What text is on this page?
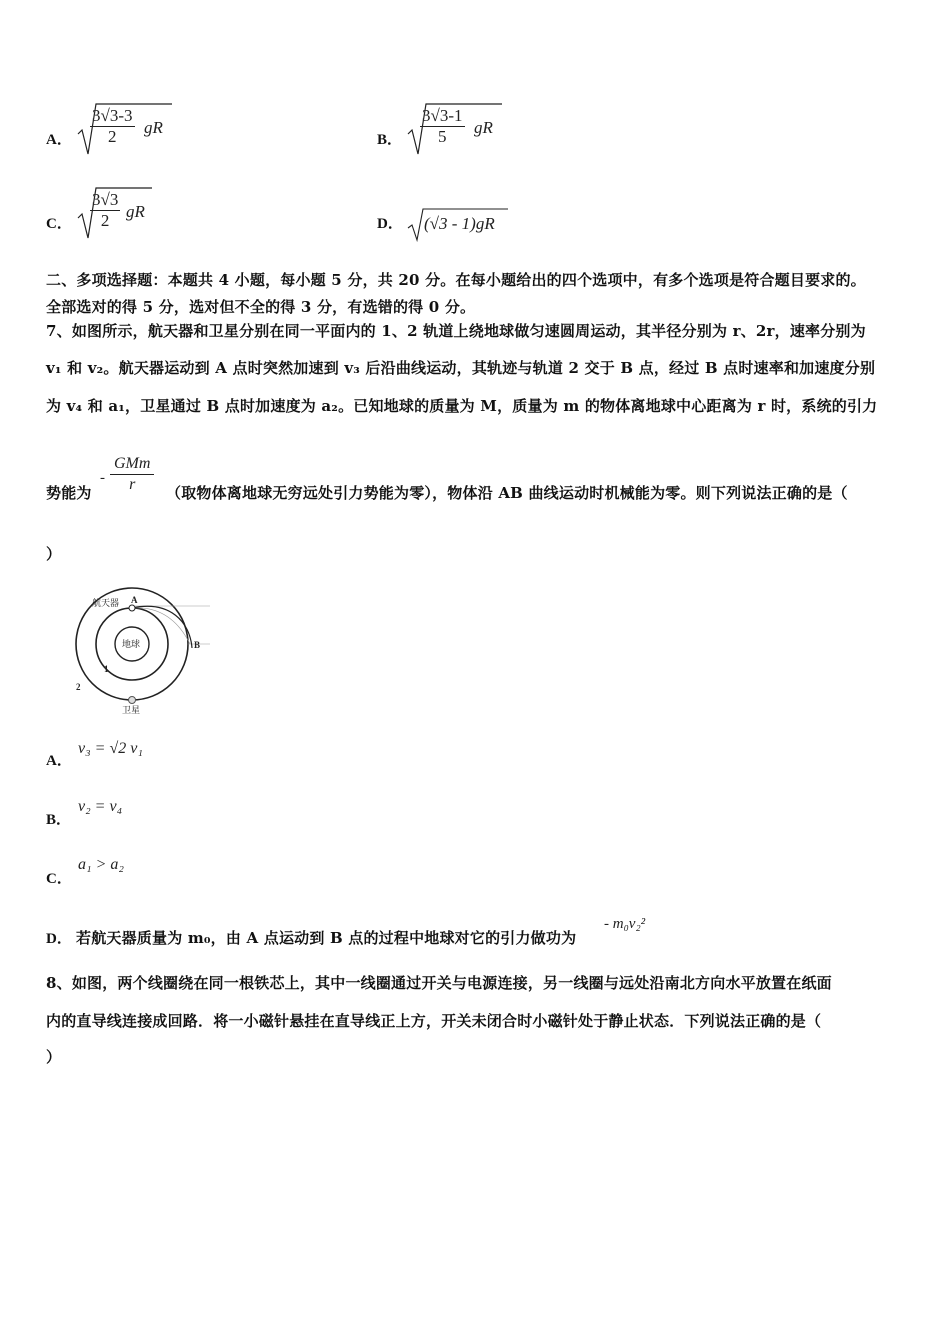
A． $\frac{3√3-3}{2}$ gR
B． $\frac{3√3-1}{5}$ gR
C． $\frac{3√3}{2}$ gR
D． (√3 - 1)gR
二、多项选择题：本题共 4 小题，每小题 5 分，共 20 分。在每小题给出的四个选项中，有多个选项是符合题目要求的。
全部选对的得 5 分，选对但不全的得 3 分，有选错的得 0 分。
7、如图所示，航天器和卫星分别在同一平面内的 1、2 轨道上绕地球做匀速圆周运动，其半径分别为 r、2r，速率分别为
v₁ 和 v₂。航天器运动到 A 点时突然加速到 v₃ 后沿曲线运动，其轨迹与轨道 2 交于 B 点，经过 B 点时速率和加速度分别
为 v₄ 和 a₁，卫星通过 B 点时加速度为 a₂。已知地球的质量为 M，质量为 m 的物体离地球中心距离为 r 时，系统的引力
势能为
- $\frac{\text{GMm}}{r}$ （取物体离地球无穷远处引力势能为零），物体沿 AB 曲线运动时机械能为零。则下列说法正确的是（
）
航天器 A
B
地球
1
2
卫星
A．
v₃ = √2 v₁
B．
v₂ = v₄
C．
a₁ > a₂
D． 若航天器质量为 m₀，由 A 点运动到 B 点的过程中地球对它的引力做功为
- m₀v₂²
8、如图，两个线圈绕在同一根铁芯上，其中一线圈通过开关与电源连接，另一线圈与远处沿南北方向水平放置在纸面
内的直导线连接成回路．将一小磁针悬挂在直导线正上方，开关未闭合时小磁针处于静止状态．下列说法正确的是（
）
